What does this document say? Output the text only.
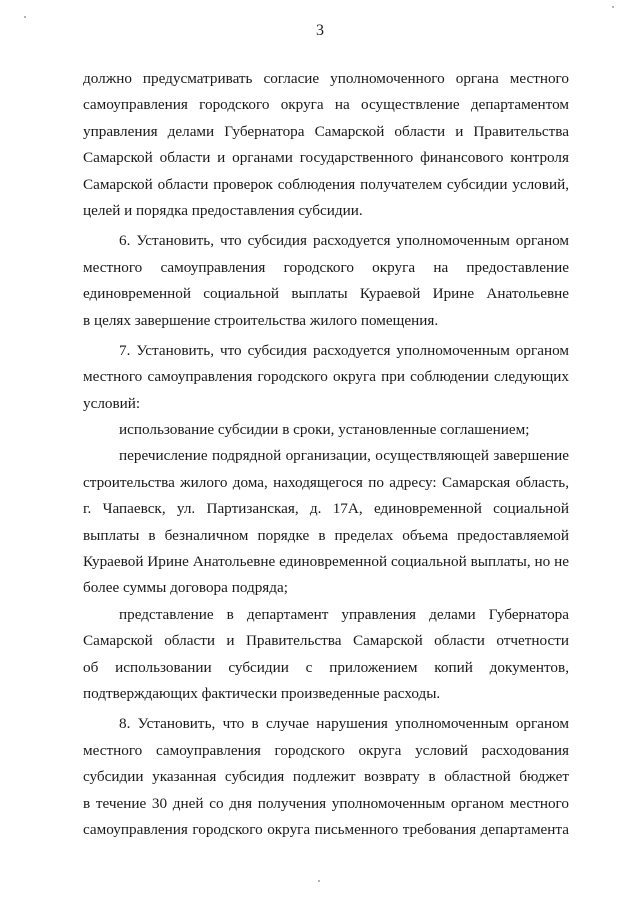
3
должно предусматривать согласие уполномоченного органа местного
самоуправления городского округа на осуществление департаментом
управления делами Губернатора Самарской области и Правительства
Самарской области и органами государственного финансового контроля
Самарской области проверок соблюдения получателем субсидии условий,
целей и порядка предоставления субсидии.
6. Установить, что субсидия расходуется уполномоченным органом
местного самоуправления городского округа на предоставление
единовременной социальной выплаты Кураевой Ирине Анатольевне
в целях завершение строительства жилого помещения.
7. Установить, что субсидия расходуется уполномоченным органом
местного самоуправления городского округа при соблюдении следующих
условий:
использование субсидии в сроки, установленные соглашением;
перечисление подрядной организации, осуществляющей завершение
строительства жилого дома, находящегося по адресу: Самарская область,
г. Чапаевск, ул. Партизанская, д. 17А, единовременной социальной
выплаты в безналичном порядке в пределах объема предоставляемой
Кураевой Ирине Анатольевне единовременной социальной выплаты, но не
более суммы договора подряда;
представление в департамент управления делами Губернатора
Самарской области и Правительства Самарской области отчетности
об использовании субсидии с приложением копий документов,
подтверждающих фактически произведенные расходы.
8. Установить, что в случае нарушения уполномоченным органом
местного самоуправления городского округа условий расходования
субсидии указанная субсидия подлежит возврату в областной бюджет
в течение 30 дней со дня получения уполномоченным органом местного
самоуправления городского округа письменного требования департамента
